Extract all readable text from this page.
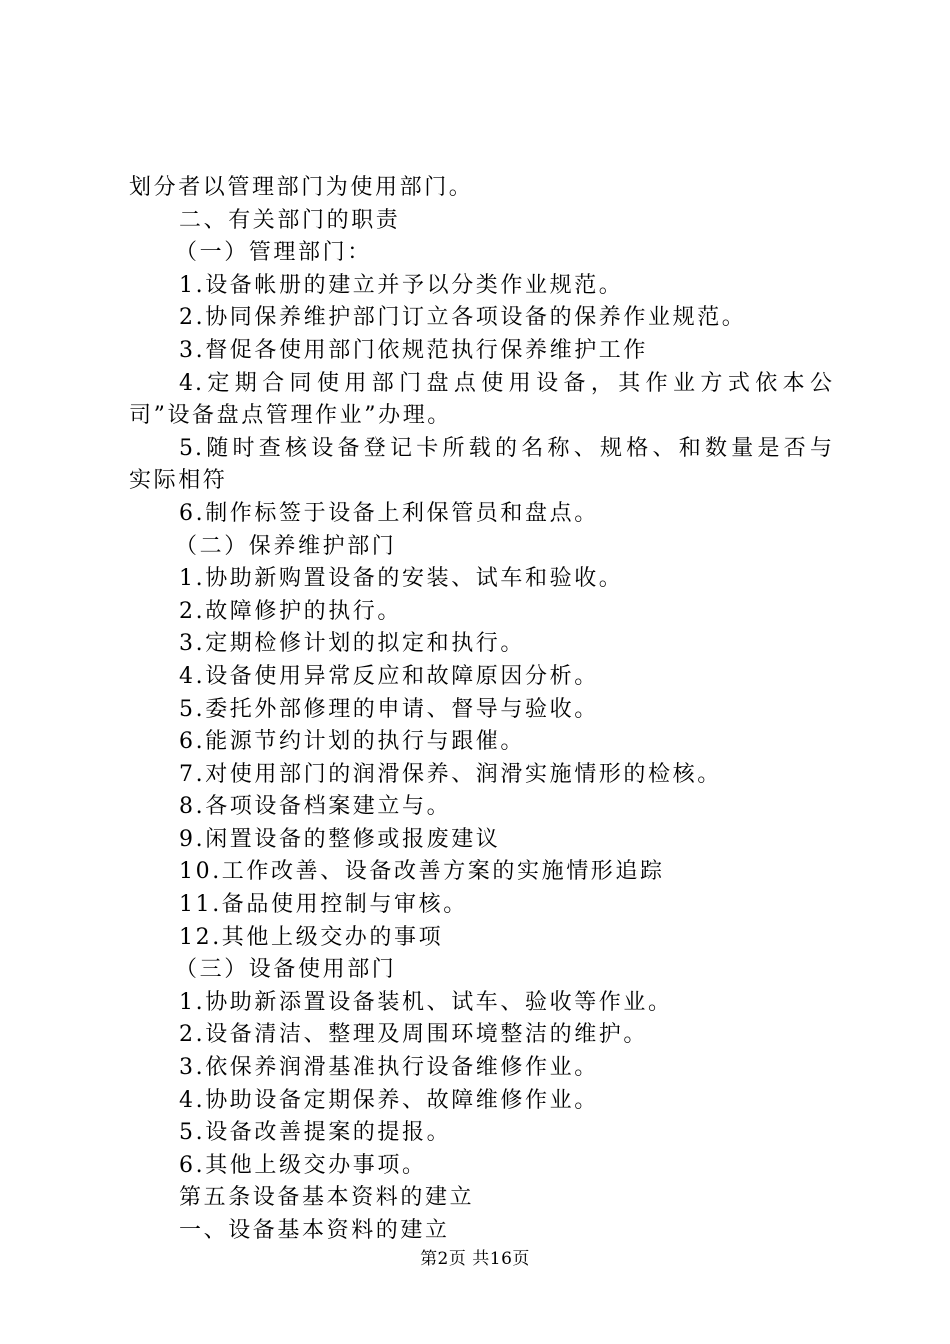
划分者以管理部门为使用部门。
二、有关部门的职责
（一）管理部门：
1.设备帐册的建立并予以分类作业规范。
2.协同保养维护部门订立各项设备的保养作业规范。
3.督促各使用部门依规范执行保养维护工作
4.定期合同使用部门盘点使用设备，其作业方式依本公
司”设备盘点管理作业”办理。
5.随时查核设备登记卡所载的名称、规格、和数量是否与
实际相符
6.制作标签于设备上利保管员和盘点。
（二）保养维护部门
1.协助新购置设备的安装、试车和验收。
2.故障修护的执行。
3.定期检修计划的拟定和执行。
4.设备使用异常反应和故障原因分析。
5.委托外部修理的申请、督导与验收。
6.能源节约计划的执行与跟催。
7.对使用部门的润滑保养、润滑实施情形的检核。
8.各项设备档案建立与。
9.闲置设备的整修或报废建议
10.工作改善、设备改善方案的实施情形追踪
11.备品使用控制与审核。
12.其他上级交办的事项
（三）设备使用部门
1.协助新添置设备装机、试车、验收等作业。
2.设备清洁、整理及周围环境整洁的维护。
3.依保养润滑基准执行设备维修作业。
4.协助设备定期保养、故障维修作业。
5.设备改善提案的提报。
6.其他上级交办事项。
第五条设备基本资料的建立
一、设备基本资料的建立
第2页 共16页
